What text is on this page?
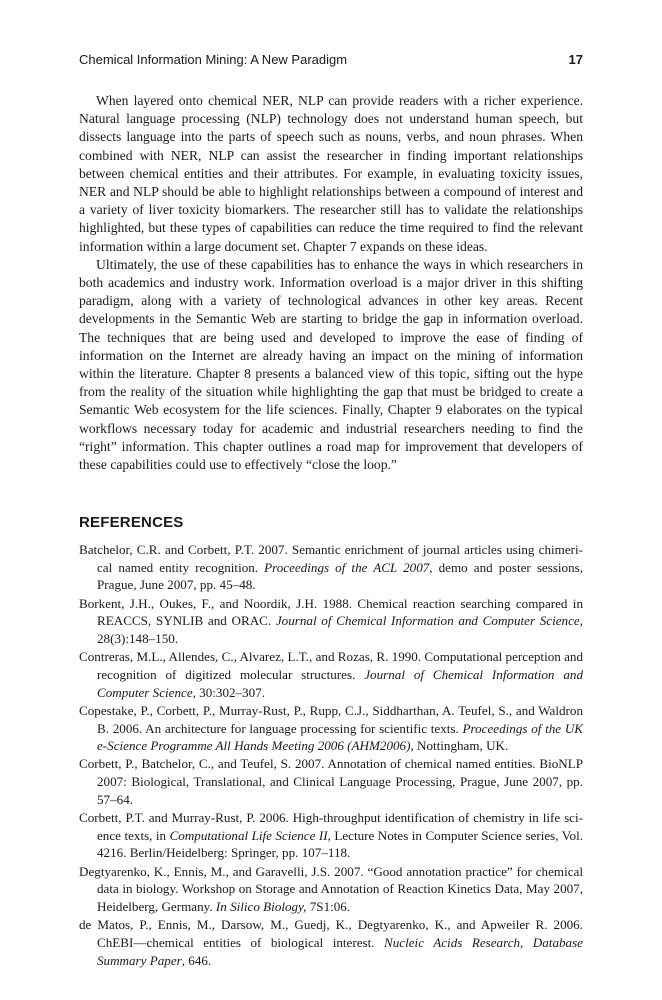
Chemical Information Mining: A New Paradigm	17

When layered onto chemical NER, NLP can provide readers with a richer experience. Natural language processing (NLP) technology does not understand human speech, but dissects language into the parts of speech such as nouns, verbs, and noun phrases. When combined with NER, NLP can assist the researcher in finding important relationships between chemical entities and their attributes. For example, in evaluating toxicity issues, NER and NLP should be able to highlight relationships between a compound of interest and a variety of liver toxicity biomarkers. The researcher still has to validate the relationships highlighted, but these types of capabilities can reduce the time required to find the relevant information within a large document set. Chapter 7 expands on these ideas.

Ultimately, the use of these capabilities has to enhance the ways in which researchers in both academics and industry work. Information overload is a major driver in this shifting paradigm, along with a variety of technological advances in other key areas. Recent developments in the Semantic Web are starting to bridge the gap in information overload. The techniques that are being used and developed to improve the ease of finding of information on the Internet are already having an impact on the mining of information within the literature. Chapter 8 presents a balanced view of this topic, sifting out the hype from the reality of the situation while highlighting the gap that must be bridged to create a Semantic Web ecosystem for the life sciences. Finally, Chapter 9 elaborates on the typical workflows necessary today for academic and industrial researchers needing to find the “right” information. This chapter outlines a road map for improvement that developers of these capabilities could use to effectively “close the loop.”

REFERENCES

Batchelor, C.R. and Corbett, P.T. 2007. Semantic enrichment of journal articles using chimerical named entity recognition. Proceedings of the ACL 2007, demo and poster sessions, Prague, June 2007, pp. 45–48.

Borkent, J.H., Oukes, F., and Noordik, J.H. 1988. Chemical reaction searching compared in REACCS, SYNLIB and ORAC. Journal of Chemical Information and Computer Science, 28(3):148–150.

Contreras, M.L., Allendes, C., Alvarez, L.T., and Rozas, R. 1990. Computational perception and recognition of digitized molecular structures. Journal of Chemical Information and Computer Science, 30:302–307.

Copestake, P., Corbett, P., Murray-Rust, P., Rupp, C.J., Siddharthan, A. Teufel, S., and Waldron B. 2006. An architecture for language processing for scientific texts. Proceedings of the UK e-Science Programme All Hands Meeting 2006 (AHM2006), Nottingham, UK.

Corbett, P., Batchelor, C., and Teufel, S. 2007. Annotation of chemical named entities. BioNLP 2007: Biological, Translational, and Clinical Language Processing, Prague, June 2007, pp. 57–64.

Corbett, P.T. and Murray-Rust, P. 2006. High-throughput identification of chemistry in life science texts, in Computational Life Science II, Lecture Notes in Computer Science series, Vol. 4216. Berlin/Heidelberg: Springer, pp. 107–118.

Degtyarenko, K., Ennis, M., and Garavelli, J.S. 2007. “Good annotation practice” for chemical data in biology. Workshop on Storage and Annotation of Reaction Kinetics Data, May 2007, Heidelberg, Germany. In Silico Biology, 7S1:06.

de Matos, P., Ennis, M., Darsow, M., Guedj, K., Degtyarenko, K., and Apweiler R. 2006. ChEBI—chemical entities of biological interest. Nucleic Acids Research, Database Summary Paper, 646.
